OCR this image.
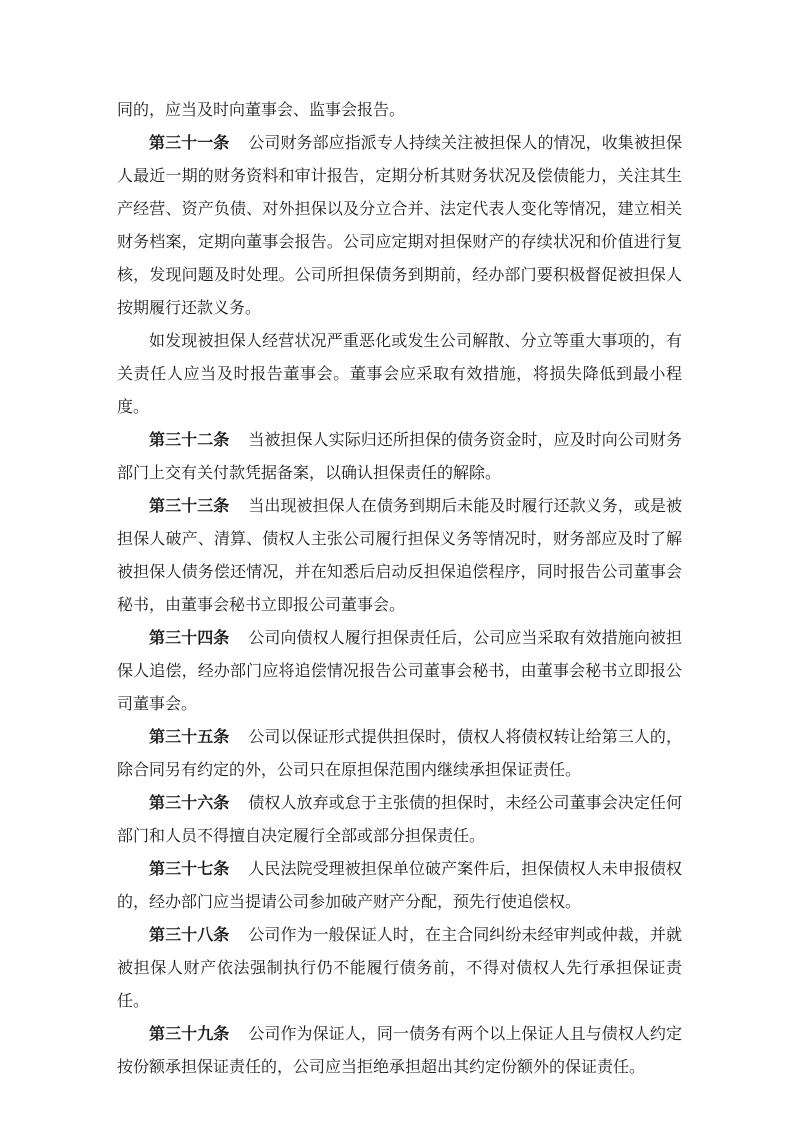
同的，应当及时向董事会、监事会报告。

第三十一条 公司财务部应指派专人持续关注被担保人的情况，收集被担保人最近一期的财务资料和审计报告，定期分析其财务状况及偿债能力，关注其生产经营、资产负债、对外担保以及分立合并、法定代表人变化等情况，建立相关财务档案，定期向董事会报告。公司应定期对担保财产的存续状况和价值进行复核，发现问题及时处理。公司所担保债务到期前，经办部门要积极督促被担保人按期履行还款义务。

如发现被担保人经营状况严重恶化或发生公司解散、分立等重大事项的，有关责任人应当及时报告董事会。董事会应采取有效措施，将损失降低到最小程度。

第三十二条 当被担保人实际归还所担保的债务资金时，应及时向公司财务部门上交有关付款凭据备案，以确认担保责任的解除。

第三十三条 当出现被担保人在债务到期后未能及时履行还款义务，或是被担保人破产、清算、债权人主张公司履行担保义务等情况时，财务部应及时了解被担保人债务偿还情况，并在知悉后启动反担保追偿程序，同时报告公司董事会秘书，由董事会秘书立即报公司董事会。

第三十四条 公司向债权人履行担保责任后，公司应当采取有效措施向被担保人追偿，经办部门应将追偿情况报告公司董事会秘书，由董事会秘书立即报公司董事会。

第三十五条 公司以保证形式提供担保时，债权人将债权转让给第三人的，除合同另有约定的外，公司只在原担保范围内继续承担保证责任。

第三十六条 债权人放弃或怠于主张债的担保时，未经公司董事会决定任何部门和人员不得擅自决定履行全部或部分担保责任。

第三十七条 人民法院受理被担保单位破产案件后，担保债权人未申报债权的，经办部门应当提请公司参加破产财产分配，预先行使追偿权。

第三十八条 公司作为一般保证人时，在主合同纠纷未经审判或仲裁，并就被担保人财产依法强制执行仍不能履行债务前，不得对债权人先行承担保证责任。

第三十九条 公司作为保证人，同一债务有两个以上保证人且与债权人约定按份额承担保证责任的，公司应当拒绝承担超出其约定份额外的保证责任。
